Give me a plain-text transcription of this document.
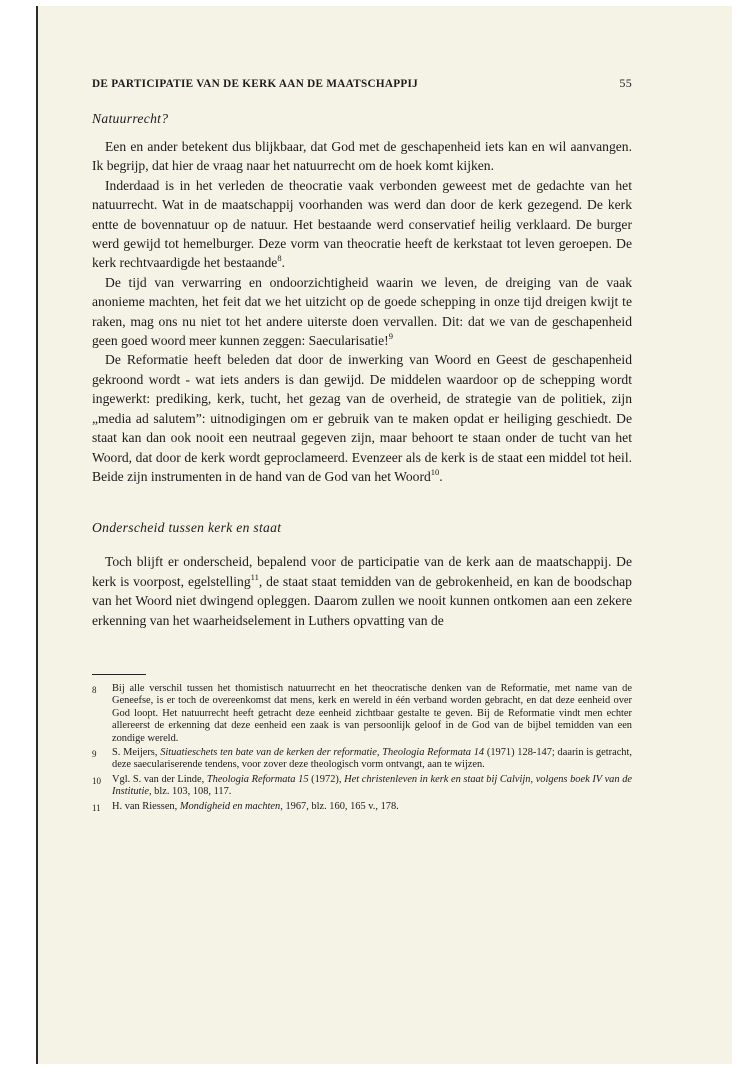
DE PARTICIPATIE VAN DE KERK AAN DE MAATSCHAPPIJ	55
Natuurrecht?

Een en ander betekent dus blijkbaar, dat God met de geschapenheid iets kan en wil aanvangen. Ik begrijp, dat hier de vraag naar het natuurrecht om de hoek komt kijken.

Inderdaad is in het verleden de theocratie vaak verbonden geweest met de gedachte van het natuurrecht. Wat in de maatschappij voorhanden was werd dan door de kerk gezegend. De kerk entte de bovennatuur op de natuur. Het bestaande werd conservatief heilig verklaard. De burger werd gewijd tot hemelburger. Deze vorm van theocratie heeft de kerkstaat tot leven geroepen. De kerk rechtvaardigde het bestaande$^8$.

De tijd van verwarring en ondoorzichtigheid waarin we leven, de dreiging van de vaak anonieme machten, het feit dat we het uitzicht op de goede schepping in onze tijd dreigen kwijt te raken, mag ons nu niet tot het andere uiterste doen vervallen. Dit: dat we van de geschapenheid geen goed woord meer kunnen zeggen: Saecularisatie!$^9$

De Reformatie heeft beleden dat door de inwerking van Woord en Geest de geschapenheid gekroond wordt - wat iets anders is dan gewijd. De middelen waardoor op de schepping wordt ingewerkt: prediking, kerk, tucht, het gezag van de overheid, de strategie van de politiek, zijn „media ad salutem”: uitnodigingen om er gebruik van te maken opdat er heiliging geschiedt. De staat kan dan ook nooit een neutraal gegeven zijn, maar behoort te staan onder de tucht van het Woord, dat door de kerk wordt geproclameerd. Evenzeer als de kerk is de staat een middel tot heil. Beide zijn instrumenten in de hand van de God van het Woord$^{10}$.

Onderscheid tussen kerk en staat

Toch blijft er onderscheid, bepalend voor de participatie van de kerk aan de maatschappij. De kerk is voorpost, egelstelling$^{11}$, de staat staat temidden van de gebrokenheid, en kan de boodschap van het Woord niet dwingend opleggen. Daarom zullen we nooit kunnen ontkomen aan een zekere erkenning van het waarheidselement in Luthers opvatting van de

8	Bij alle verschil tussen het thomistisch natuurrecht en het theocratische denken van de Reformatie, met name van de Geneefse, is er toch de overeenkomst dat mens, kerk en wereld in één verband worden gebracht, en dat deze eenheid over God loopt. Het natuurrecht heeft getracht deze eenheid zichtbaar gestalte te geven. Bij de Reformatie vindt men echter allereerst de erkenning dat deze eenheid een zaak is van persoonlijk geloof in de God van de bijbel temidden van een zondige wereld.
9	S. Meijers, Situatieschets ten bate van de kerken der reformatie, Theologia Reformata 14 (1971) 128-147; daarin is getracht, deze saeculariserende tendens, voor zover deze theologisch vorm ontvangt, aan te wijzen.
10	Vgl. S. van der Linde, Theologia Reformata 15 (1972), Het christenleven in kerk en staat bij Calvijn, volgens boek IV van de Institutie, blz. 103, 108, 117.
11	H. van Riessen, Mondigheid en machten, 1967, blz. 160, 165 v., 178.
